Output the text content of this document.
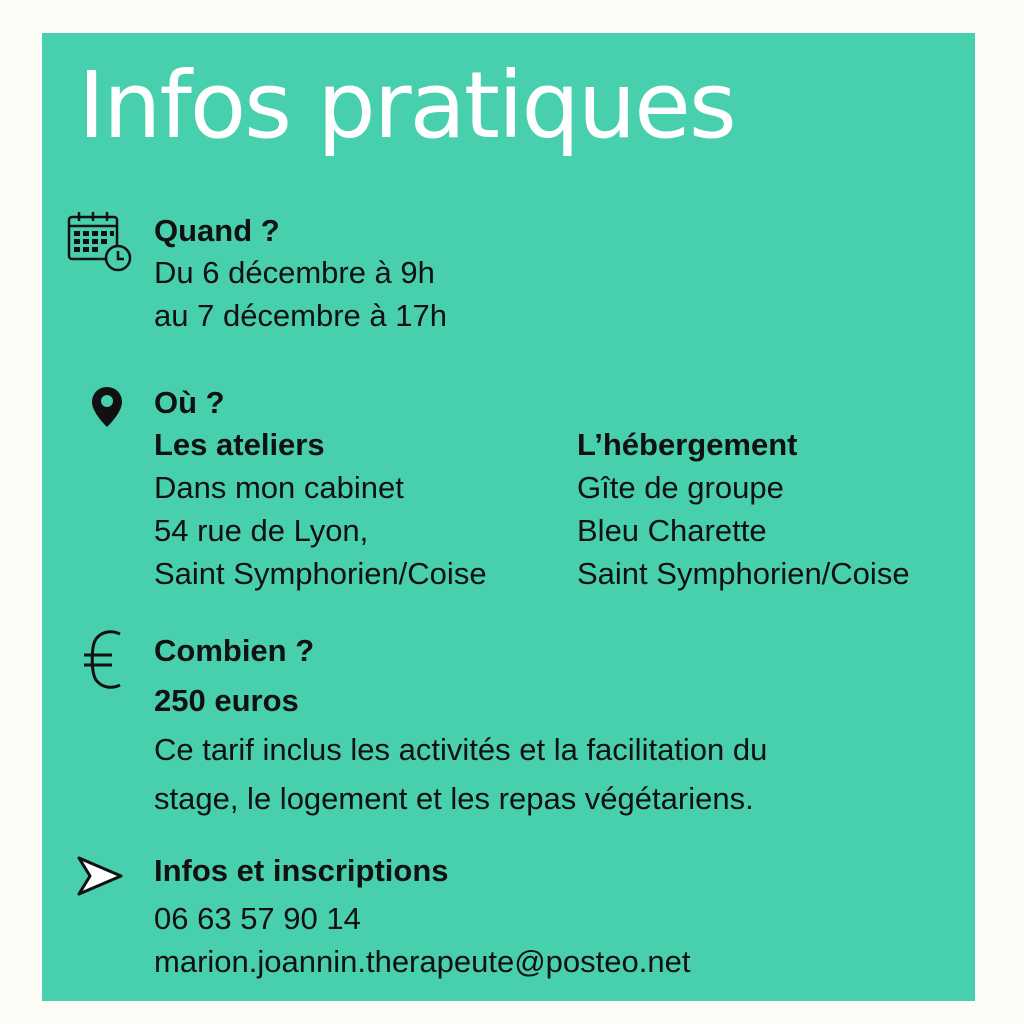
Infos pratiques
Quand ?
Du 6 décembre à 9h
au 7 décembre à 17h
Où ?
Les ateliers
Dans mon cabinet
54 rue de Lyon,
Saint Symphorien/Coise
L’hébergement
Gîte de groupe
Bleu Charette
Saint Symphorien/Coise
Combien ?
250 euros
Ce tarif inclus les activités et la facilitation du
stage, le logement et les repas végétariens.
Infos et inscriptions
06 63 57 90 14
marion.joannin.therapeute@posteo.net
